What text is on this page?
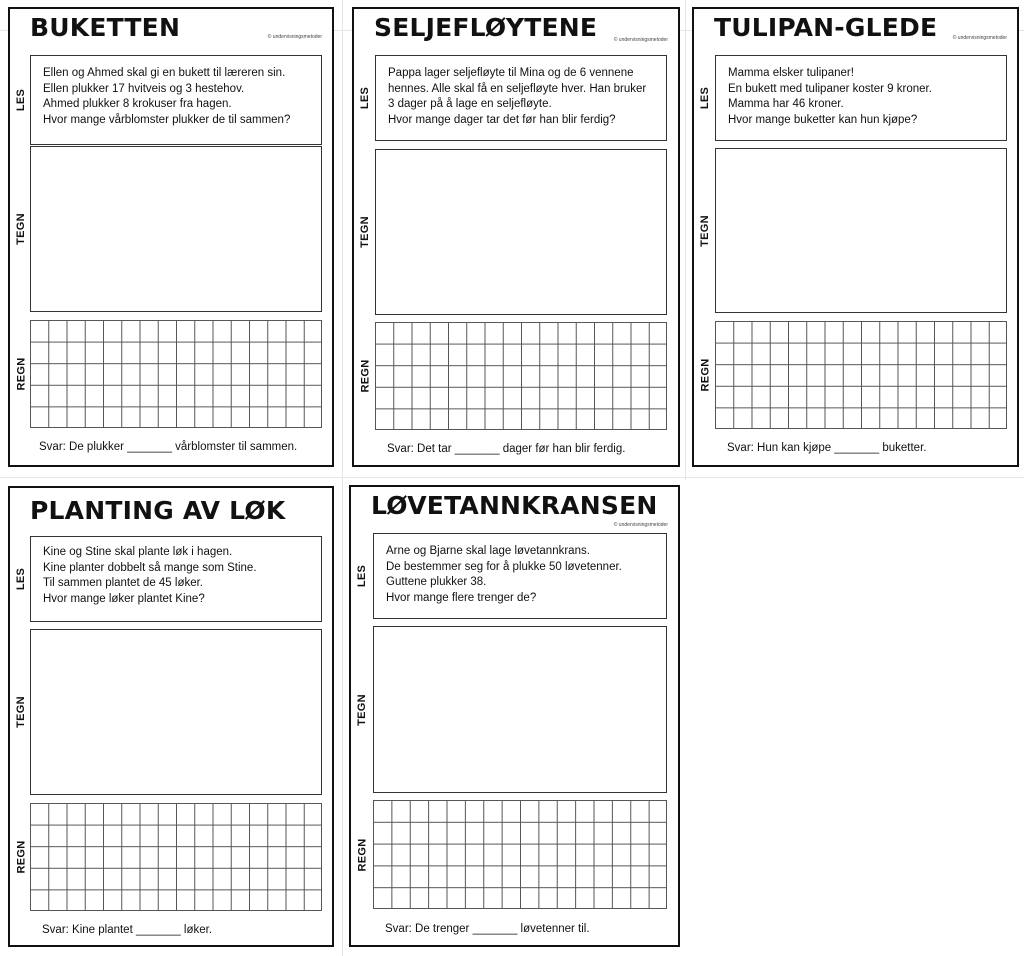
BUKETTEN	© undervisningsmetoder
LES
Ellen og Ahmed skal gi en bukett til læreren sin.
Ellen plukker 17 hvitveis og 3 hestehov.
Ahmed plukker 8 krokuser fra hagen.
Hvor mange vårblomster plukker de til sammen?
TEGN
REGN
Svar: De plukker _______ vårblomster til sammen.
SELJEFLØYTENE	© undervisningsmetoder
LES
Pappa lager seljefløyte til Mina og de 6 vennene
hennes. Alle skal få en seljefløyte hver. Han bruker
3 dager på å lage en seljefløyte.
Hvor mange dager tar det før han blir ferdig?
TEGN
REGN
Svar: Det tar _______ dager før han blir ferdig.
TULIPAN-GLEDE	© undervisningsmetoder
LES
Mamma elsker tulipaner!
En bukett med tulipaner koster 9 kroner.
Mamma har 46 kroner.
Hvor mange buketter kan hun kjøpe?
TEGN
REGN
Svar: Hun kan kjøpe _______ buketter.
PLANTING AV LØK
LES
Kine og Stine skal plante løk i hagen.
Kine planter dobbelt så mange som Stine.
Til sammen plantet de 45 løker.
Hvor mange løker plantet Kine?
TEGN
REGN
Svar: Kine plantet _______ løker.
LØVETANNKRANSEN
© undervisningsmetoder
LES
Arne og Bjarne skal lage løvetannkrans.
De bestemmer seg for å plukke 50 løvetenner.
Guttene plukker 38.
Hvor mange flere trenger de?
TEGN
REGN
Svar: De trenger _______ løvetenner til.
